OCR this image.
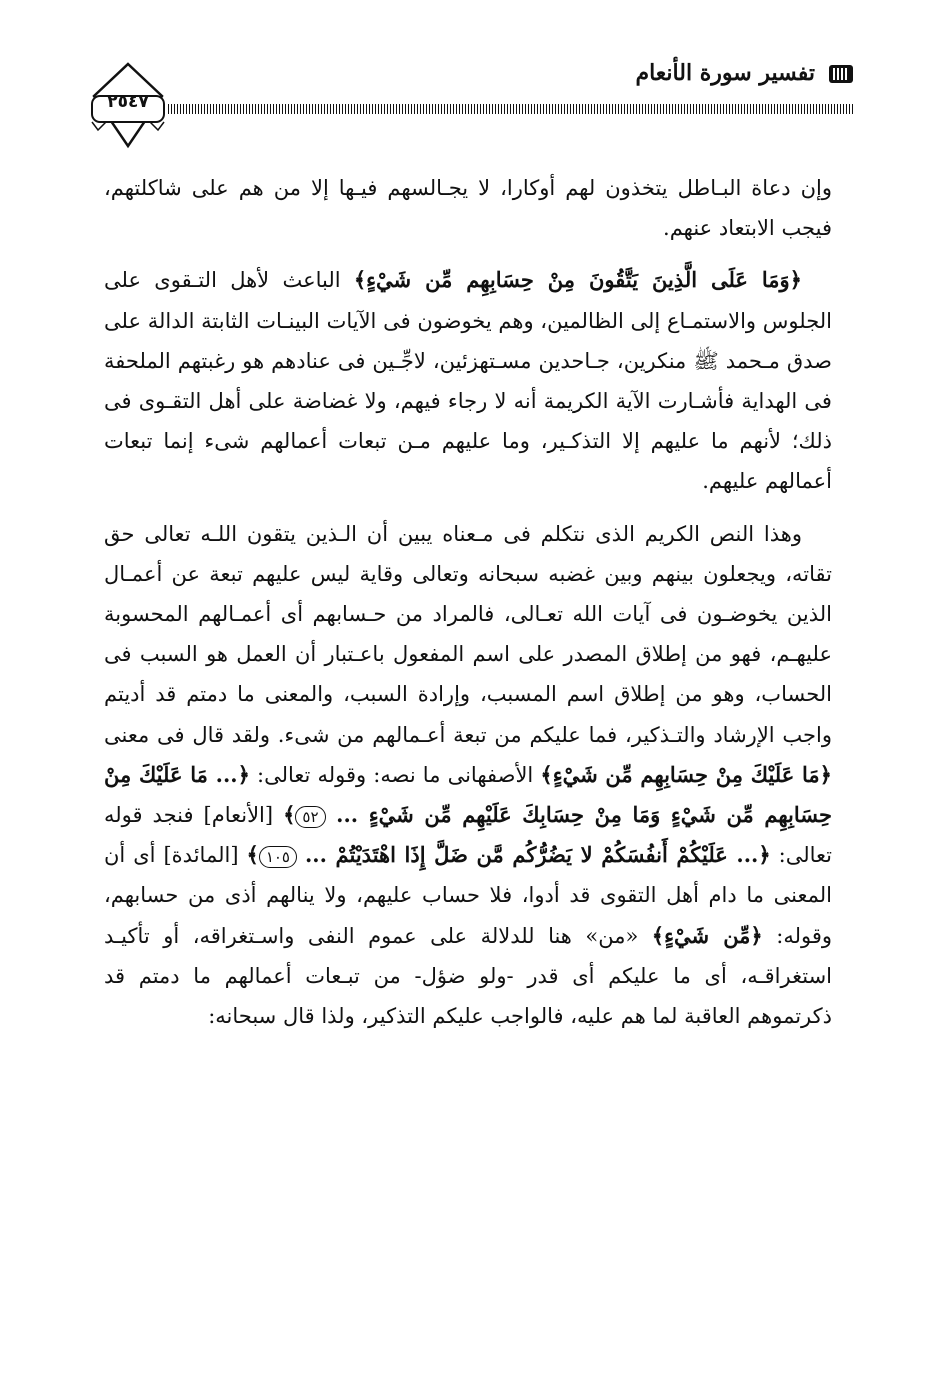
تفسير سورة الأنعام
٢٥٤٧

وإن دعاة البـاطل يتخذون لهم أوكارا، لا يجـالسهم فيـها إلا من هم على شاكلتهم، فيجب الابتعاد عنهم.

﴿وَمَا عَلَى الَّذِينَ يَتَّقُونَ مِنْ حِسَابِهِم مِّن شَيْءٍ﴾ الباعث لأهل التـقوى على الجلوس والاستمـاع إلى الظالمين، وهم يخوضون فى الآيات البينـات الثابتة الدالة على صدق مـحمد ﷺ منكرين، جـاحدين مسـتهزئين، لاجِّـين فى عنادهم هو رغبتهم الملحفة فى الهداية فأشـارت الآية الكريمة أنه لا رجاء فيهم، ولا غضاضة على أهل التقـوى فى ذلك؛ لأنهم ما عليهم إلا التذكـير، وما عليهم مـن تبعات أعمالهم شىء إنما تبعات أعمالهم عليهم.

وهذا النص الكريم الذى نتكلم فى مـعناه يبين أن الـذين يتقون اللـه تعالى حق تقاته، ويجعلون بينهم وبين غضبه سبحانه وتعالى وقاية ليس عليهم تبعة عن أعمـال الذين يخوضـون فى آيات الله تعـالى، فالمراد من حـسابهم أى أعمـالهم المحسوبة عليهـم، فهو من إطلاق المصدر على اسم المفعول باعـتبار أن العمل هو السبب فى الحساب، وهو من إطلاق اسم المسبب، وإرادة السبب، والمعنى ما دمتم قد أديتم واجب الإرشاد والتـذكير، فما عليكم من تبعة أعـمالهم من شىء. ولقد قال فى معنى ﴿مَا عَلَيْكَ مِنْ حِسَابِهِم مِّن شَيْءٍ﴾ الأصفهانى ما نصه: وقوله تعالى: ﴿... مَا عَلَيْكَ مِنْ حِسَابِهِم مِّن شَيْءٍ وَمَا مِنْ حِسَابِكَ عَلَيْهِم مِّن شَيْءٍ ... ٥٢﴾ [الأنعام] فنجد قوله تعالى: ﴿... عَلَيْكُمْ أَنفُسَكُمْ لا يَضُرُّكُم مَّن ضَلَّ إِذَا اهْتَدَيْتُمْ ... ١٠٥﴾ [المائدة] أى أن المعنى ما دام أهل التقوى قد أدوا، فلا حساب عليهم، ولا ينالهم أذى من حسابهم، وقوله: ﴿مِّن شَيْءٍ﴾ «من» هنا للدلالة على عموم النفى واسـتغراقه، أو تأكيـد استغراقـه، أى ما عليكم أى قدر -ولو ضؤل- من تبـعات أعمالهم ما دمتم قد ذكرتموهم العاقبة لما هم عليه، فالواجب عليكم التذكير، ولذا قال سبحانه:
